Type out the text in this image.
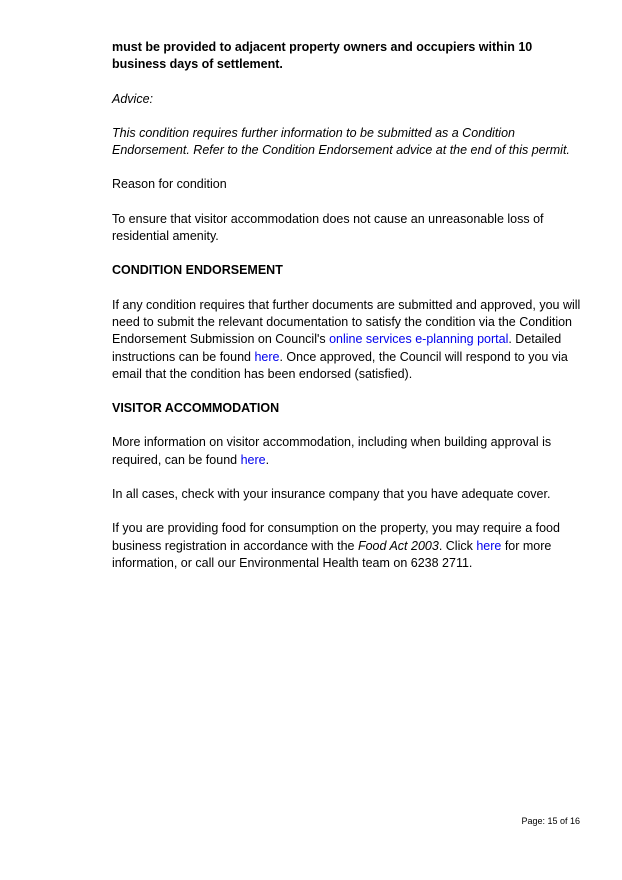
must be provided to adjacent property owners and occupiers within 10 business days of settlement.

Advice:

This condition requires further information to be submitted as a Condition Endorsement. Refer to the Condition Endorsement advice at the end of this permit.

Reason for condition

To ensure that visitor accommodation does not cause an unreasonable loss of residential amenity.

CONDITION ENDORSEMENT

If any condition requires that further documents are submitted and approved, you will need to submit the relevant documentation to satisfy the condition via the Condition Endorsement Submission on Council's online services e-planning portal. Detailed instructions can be found here. Once approved, the Council will respond to you via email that the condition has been endorsed (satisfied).

VISITOR ACCOMMODATION

More information on visitor accommodation, including when building approval is required, can be found here.

In all cases, check with your insurance company that you have adequate cover.

If you are providing food for consumption on the property, you may require a food business registration in accordance with the Food Act 2003. Click here for more information, or call our Environmental Health team on 6238 2711.

Page: 15 of 16
